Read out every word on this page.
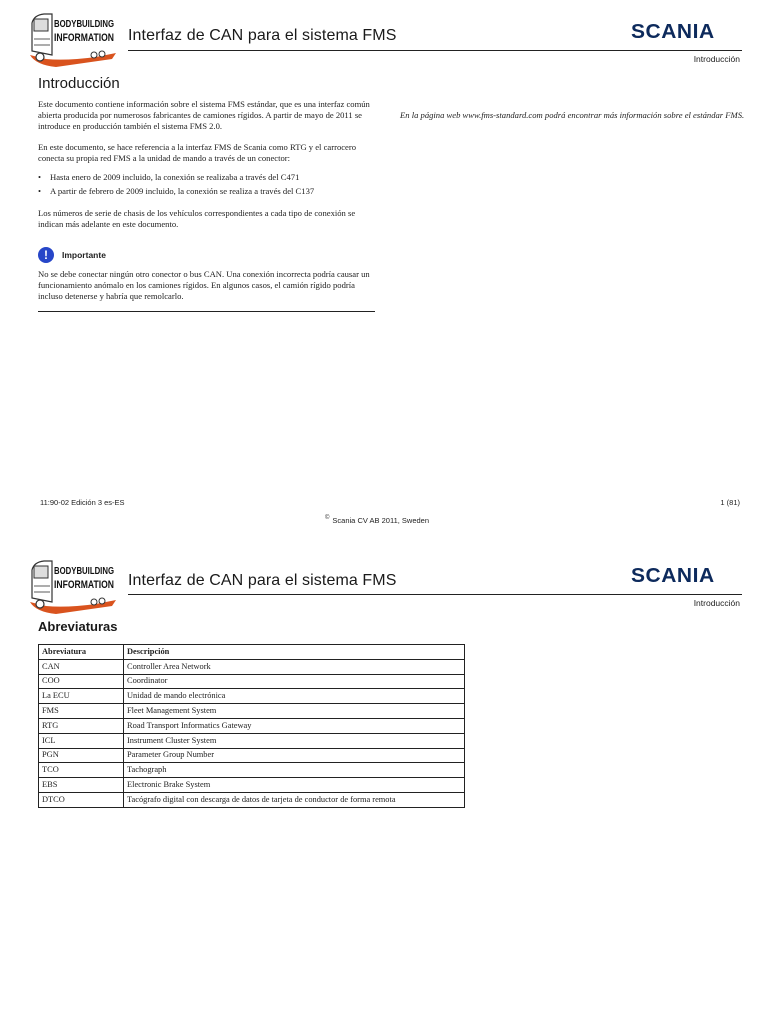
BODYBUILDING
INFORMATION Interfaz de CAN para el sistema FMS	SCANIA
Introducción
Introducción

Este documento contiene información sobre el sistema FMS estándar, que es una interfaz común abierta producida por numerosos fabricantes de camiones rígidos. A partir de mayo de 2011 se introduce en producción también el sistema FMS 2.0.

En este documento, se hace referencia a la interfaz FMS de Scania como RTG y el carrocero conecta su propia red FMS a la unidad de mando a través de un conector:

• Hasta enero de 2009 incluido, la conexión se realizaba a través del C471
• A partir de febrero de 2009 incluido, la conexión se realiza a través del C137

Los números de serie de chasis de los vehículos correspondientes a cada tipo de conexión se indican más adelante en este documento.

!	Importante

No se debe conectar ningún otro conector o bus CAN. Una conexión incorrecta podría causar un funcionamiento anómalo en los camiones rígidos. En algunos casos, el camión rígido podría incluso detenerse y habría que remolcarlo.

En la página web www.fms-standard.com podrá encontrar más información sobre el estándar FMS.
11:90-02 Edición 3 es-ES	1 (81)
© Scania CV AB 2011, Sweden
BODYBUILDING
INFORMATION Interfaz de CAN para el sistema FMS	SCANIA
Introducción
Abreviaturas
Abreviatura	Descripción
CAN	Controller Area Network
COO	Coordinator
La ECU	Unidad de mando electrónica
FMS	Fleet Management System
RTG	Road Transport Informatics Gateway
ICL	Instrument Cluster System
PGN	Parameter Group Number
TCO	Tachograph
EBS	Electronic Brake System
DTCO	Tacógrafo digital con descarga de datos de tarjeta de conductor de forma remota
